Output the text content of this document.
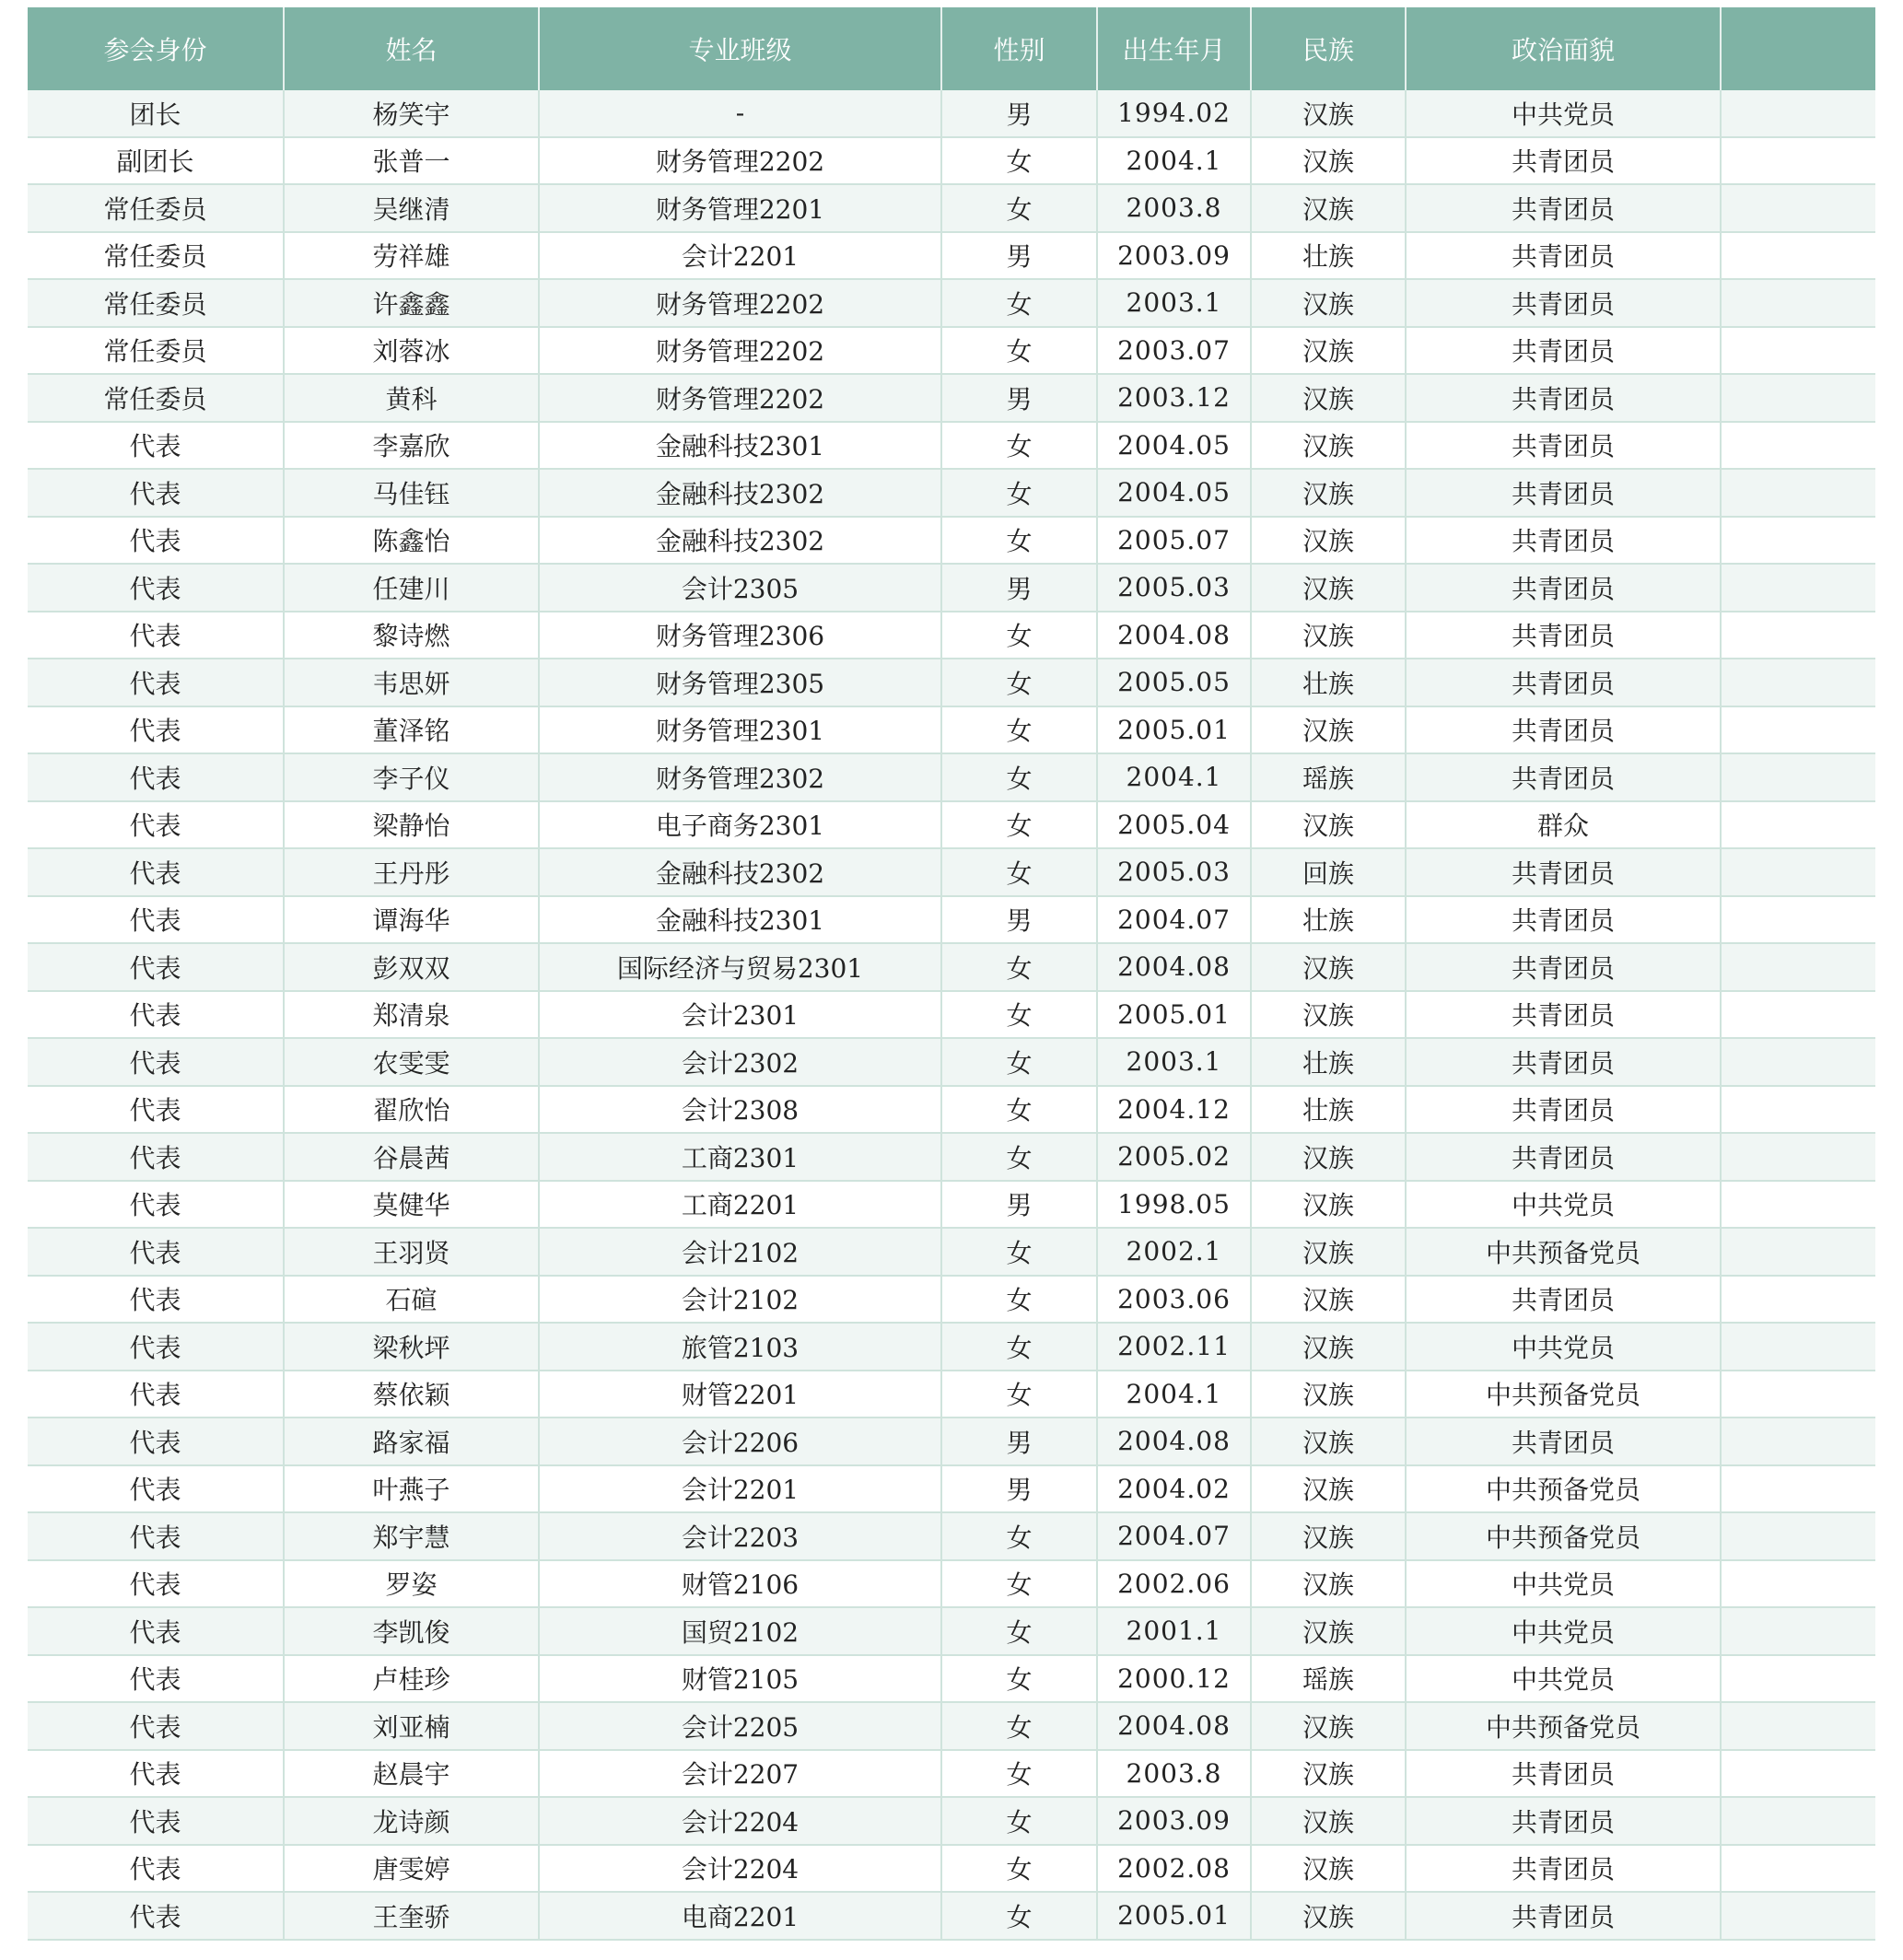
参会身份	姓名	专业班级	性别	出生年月	民族	政治面貌	
团长	杨笑宇	-	男	1994.02	汉族	中共党员	
副团长	张普一	财务管理2202	女	2004.1	汉族	共青团员	
常任委员	吴继清	财务管理2201	女	2003.8	汉族	共青团员	
常任委员	劳祥雄	会计2201	男	2003.09	壮族	共青团员	
常任委员	许鑫鑫	财务管理2202	女	2003.1	汉族	共青团员	
常任委员	刘蓉冰	财务管理2202	女	2003.07	汉族	共青团员	
常任委员	黄科	财务管理2202	男	2003.12	汉族	共青团员	
代表	李嘉欣	金融科技2301	女	2004.05	汉族	共青团员	
代表	马佳钰	金融科技2302	女	2004.05	汉族	共青团员	
代表	陈鑫怡	金融科技2302	女	2005.07	汉族	共青团员	
代表	任建川	会计2305	男	2005.03	汉族	共青团员	
代表	黎诗燃	财务管理2306	女	2004.08	汉族	共青团员	
代表	韦思妍	财务管理2305	女	2005.05	壮族	共青团员	
代表	董泽铭	财务管理2301	女	2005.01	汉族	共青团员	
代表	李子仪	财务管理2302	女	2004.1	瑶族	共青团员	
代表	梁静怡	电子商务2301	女	2005.04	汉族	群众	
代表	王丹彤	金融科技2302	女	2005.03	回族	共青团员	
代表	谭海华	金融科技2301	男	2004.07	壮族	共青团员	
代表	彭双双	国际经济与贸易2301	女	2004.08	汉族	共青团员	
代表	郑清泉	会计2301	女	2005.01	汉族	共青团员	
代表	农雯雯	会计2302	女	2003.1	壮族	共青团员	
代表	翟欣怡	会计2308	女	2004.12	壮族	共青团员	
代表	谷晨茜	工商2301	女	2005.02	汉族	共青团员	
代表	莫健华	工商2201	男	1998.05	汉族	中共党员	
代表	王羽贤	会计2102	女	2002.1	汉族	中共预备党员	
代表	石碹	会计2102	女	2003.06	汉族	共青团员	
代表	梁秋坪	旅管2103	女	2002.11	汉族	中共党员	
代表	蔡依颖	财管2201	女	2004.1	汉族	中共预备党员	
代表	路家福	会计2206	男	2004.08	汉族	共青团员	
代表	叶燕子	会计2201	男	2004.02	汉族	中共预备党员	
代表	郑宇慧	会计2203	女	2004.07	汉族	中共预备党员	
代表	罗姿	财管2106	女	2002.06	汉族	中共党员	
代表	李凯俊	国贸2102	女	2001.1	汉族	中共党员	
代表	卢桂珍	财管2105	女	2000.12	瑶族	中共党员	
代表	刘亚楠	会计2205	女	2004.08	汉族	中共预备党员	
代表	赵晨宇	会计2207	女	2003.8	汉族	共青团员	
代表	龙诗颜	会计2204	女	2003.09	汉族	共青团员	
代表	唐雯婷	会计2204	女	2002.08	汉族	共青团员	
代表	王奎骄	电商2201	女	2005.01	汉族	共青团员	
